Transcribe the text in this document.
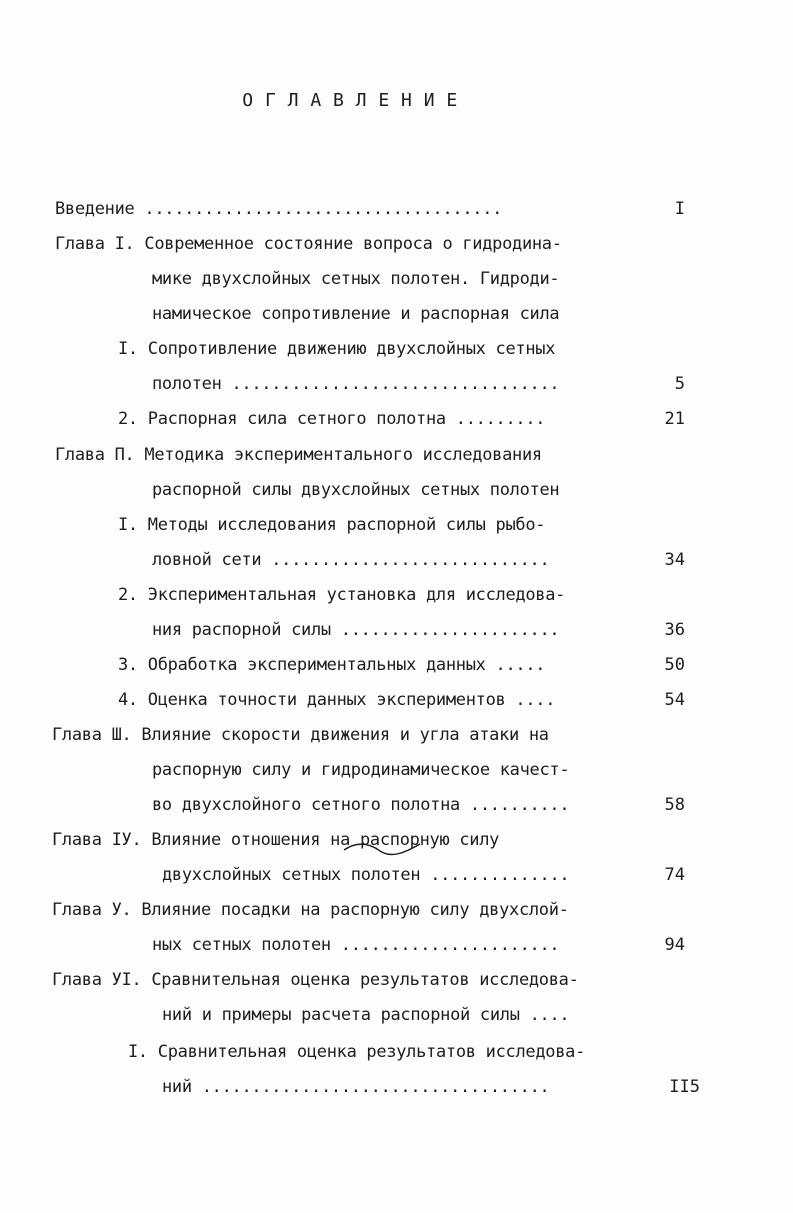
О Г Л А В Л Е Н И Е
Введение ....................................	I
Глава I. Современное состояние вопроса о гидродина-
мике двухслойных сетных полотен. Гидроди-
намическое сопротивление и распорная сила
I. Сопротивление движению двухслойных сетных
полотен .................................	5
2. Распорная сила сетного полотна .........	21
Глава П. Методика экспериментального исследования
распорной силы двухслойных сетных полотен
I. Методы исследования распорной силы рыбо-
ловной сети ............................	34
2. Экспериментальная установка для исследова-
ния распорной силы ......................	36
3. Обработка экспериментальных данных .....	50
4. Оценка точности данных экспериментов ....	54
Глава Ш. Влияние скорости движения и угла атаки на
распорную силу и гидродинамическое качест-
во двухслойного сетного полотна ..........	58
Глава IУ. Влияние отношения на распорную силу
двухслойных сетных полотен ..............	74
Глава У. Влияние посадки на распорную силу двухслой-
ных сетных полотен ......................	94
Глава УI. Сравнительная оценка результатов исследова-
ний и примеры расчета распорной силы ....
I. Сравнительная оценка результатов исследова-
ний ...................................	II5
